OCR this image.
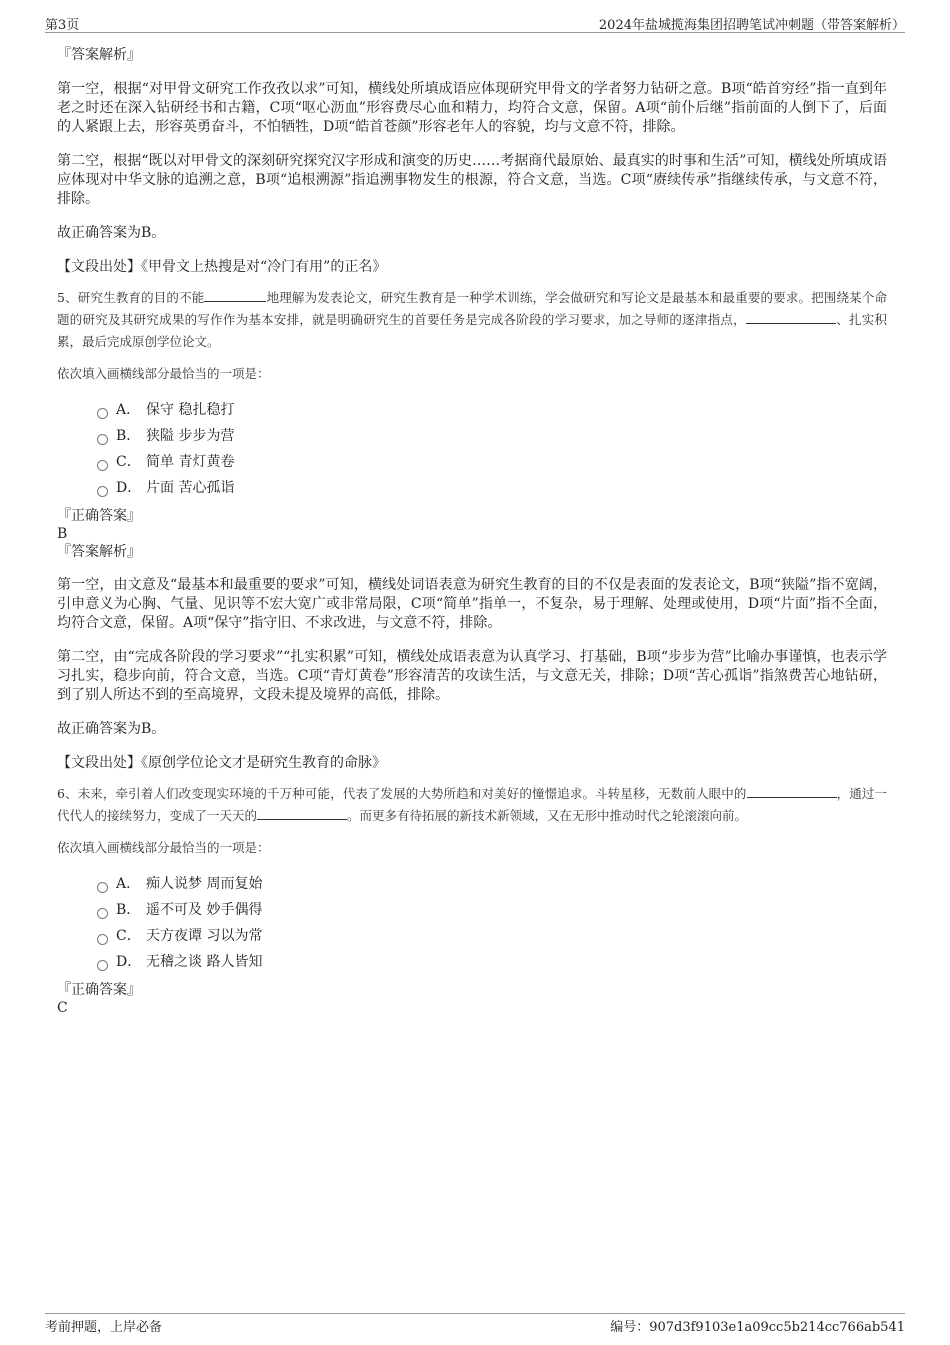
第3页	2024年盐城揽海集团招聘笔试冲刺题（带答案解析）

『答案解析』

第一空，根据“对甲骨文研究工作孜孜以求”可知，横线处所填成语应体现研究甲骨文的学者努力钻研之意。B项“皓首穷经”指一直到年老之时还在深入钻研经书和古籍，C项“呕心沥血”形容费尽心血和精力，均符合文意，保留。A项“前仆后继”指前面的人倒下了，后面的人紧跟上去，形容英勇奋斗，不怕牺牲，D项“皓首苍颜”形容老年人的容貌，均与文意不符，排除。

第二空，根据“既以对甲骨文的深刻研究探究汉字形成和演变的历史……考据商代最原始、最真实的时事和生活”可知，横线处所填成语应体现对中华文脉的追溯之意，B项“追根溯源”指追溯事物发生的根源，符合文意，当选。C项“赓续传承”指继续传承，与文意不符，排除。

故正确答案为B。

【文段出处】《甲骨文上热搜是对“冷门有用”的正名》

5、研究生教育的目的不能	地理解为发表论文，研究生教育是一种学术训练，学会做研究和写论文是最基本和最重要的要求。把围绕某个命题的研究及其研究成果的写作作为基本安排，就是明确研究生的首要任务是完成各阶段的学习要求，加之导师的逐津指点，	、扎实积累，最后完成原创学位论文。

依次填入画横线部分最恰当的一项是：

A． 保守 稳扎稳打
B． 狭隘 步步为营
C． 简单 青灯黄卷
D． 片面 苦心孤诣

『正确答案』

B

『答案解析』

第一空，由文意及“最基本和最重要的要求”可知，横线处词语表意为研究生教育的目的不仅是表面的发表论文，B项“狭隘”指不宽阔，引申意义为心胸、气量、见识等不宏大宽广或非常局限，C项“简单”指单一，不复杂，易于理解、处理或使用，D项“片面”指不全面，均符合文意，保留。A项“保守”指守旧、不求改进，与文意不符，排除。

第二空，由“完成各阶段的学习要求”“扎实积累”可知，横线处成语表意为认真学习、打基础，B项“步步为营”比喻办事谨慎，也表示学习扎实，稳步向前，符合文意，当选。C项“青灯黄卷”形容清苦的攻读生活，与文意无关，排除；D项“苦心孤诣”指煞费苦心地钻研，到了别人所达不到的至高境界，文段未提及境界的高低，排除。

故正确答案为B。

【文段出处】《原创学位论文才是研究生教育的命脉》

6、未来，牵引着人们改变现实环境的千万种可能，代表了发展的大势所趋和对美好的憧憬追求。斗转星移，无数前人眼中的	，通过一代代人的接续努力，变成了一天天的	。而更多有待拓展的新技术新领域，又在无形中推动时代之轮滚滚向前。

依次填入画横线部分最恰当的一项是：

A． 痴人说梦 周而复始
B． 遥不可及 妙手偶得
C． 天方夜谭 习以为常
D． 无稽之谈 路人皆知

『正确答案』

C

考前押题，上岸必备	编号：907d3f9103e1a09cc5b214cc766ab541
